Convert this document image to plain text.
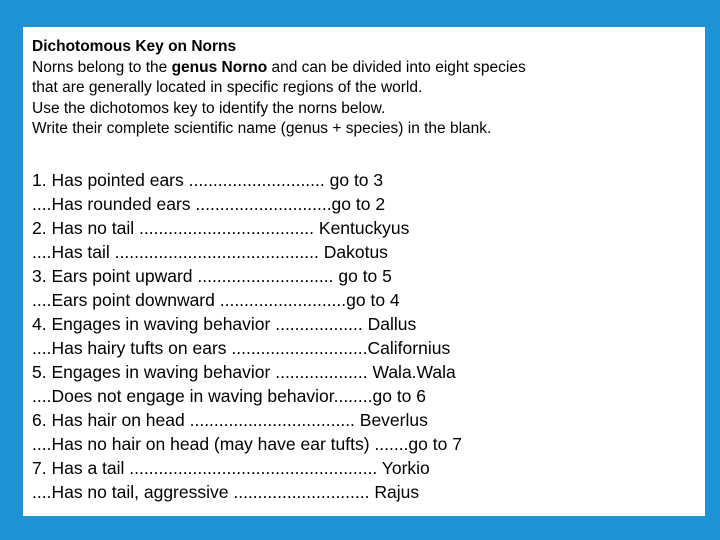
Dichotomous Key on Norns
Norns belong to the genus Norno and can be divided into eight species
that are generally located in specific regions of the world.
Use the dichotomos key to identify the norns below.
Write their complete scientific name (genus + species) in the blank.
1. Has pointed ears ............................ go to 3
....Has rounded ears ............................go to 2
2. Has no tail .................................... Kentuckyus
....Has tail .......................................... Dakotus
3. Ears point upward ............................ go to 5
....Ears point downward ..........................go to 4
4. Engages in waving behavior .................. Dallus
....Has hairy tufts on ears ............................Californius
5. Engages in waving behavior ................... Wala.Wala
....Does not engage in waving behavior........go to 6
6. Has hair on head .................................. Beverlus
....Has no hair on head (may have ear tufts) .......go to 7
7. Has a tail ................................................... Yorkio
....Has no tail, aggressive ............................ Rajus
